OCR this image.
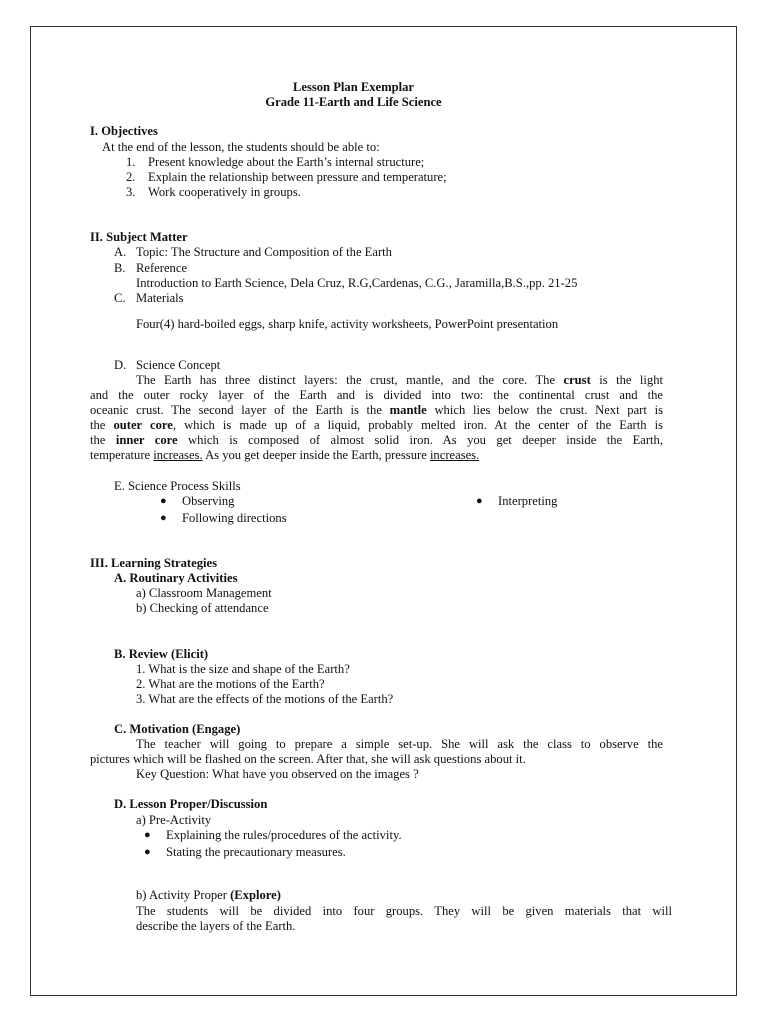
Lesson Plan Exemplar
Grade 11-Earth and Life Science
I. Objectives
At the end of the lesson, the students should be able to:
1. Present knowledge about the Earth’s internal structure;
2. Explain the relationship between pressure and temperature;
3. Work cooperatively in groups.
II. Subject Matter
A. Topic: The Structure and Composition of the Earth
B. Reference
Introduction to Earth Science, Dela Cruz, R.G,Cardenas, C.G., Jaramilla,B.S.,pp. 21-25
C. Materials
Four(4) hard-boiled eggs, sharp knife, activity worksheets, PowerPoint presentation
D. Science Concept
The Earth has three distinct layers: the crust, mantle, and the core. The crust is the light
and the outer rocky layer of the Earth and is divided into two: the continental crust and the
oceanic crust. The second layer of the Earth is the mantle which lies below the crust. Next part is
the outer core, which is made up of a liquid, probably melted iron. At the center of the Earth is
the inner core which is composed of almost solid iron. As you get deeper inside the Earth,
temperature increases. As you get deeper inside the Earth, pressure increases.
E. Science Process Skills
● Observing
● Following directions
● Interpreting
III. Learning Strategies
A. Routinary Activities
a) Classroom Management
b) Checking of attendance
B. Review (Elicit)
1. What is the size and shape of the Earth?
2. What are the motions of the Earth?
3. What are the effects of the motions of the Earth?
C. Motivation (Engage)
The teacher will going to prepare a simple set-up. She will ask the class to observe the
pictures which will be flashed on the screen. After that, she will ask questions about it.
Key Question: What have you observed on the images ?
D. Lesson Proper/Discussion
a) Pre-Activity
● Explaining the rules/procedures of the activity.
● Stating the precautionary measures.
b) Activity Proper (Explore)
The students will be divided into four groups. They will be given materials that will
describe the layers of the Earth.
